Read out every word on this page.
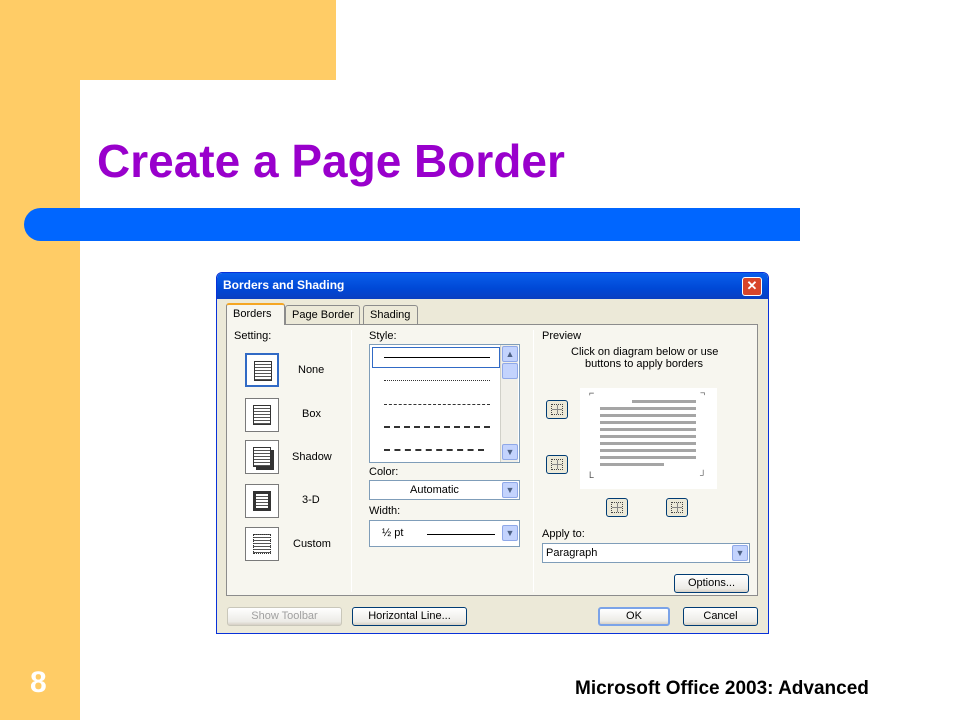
Create a Page Border
8	Microsoft Office 2003: Advanced
Borders and Shading	✕
Borders	Page Border	Shading
Setting:
None
Box
Shadow
3-D
Custom
Style:
▲
▼
Color:
Automatic	▼
Width:
½ pt	▼
Preview
Click on diagram below or use
buttons to apply borders
⌐	¬
L	┘
Apply to:
Paragraph	▼
Options...
Show Toolbar	Horizontal Line...	OK	Cancel
